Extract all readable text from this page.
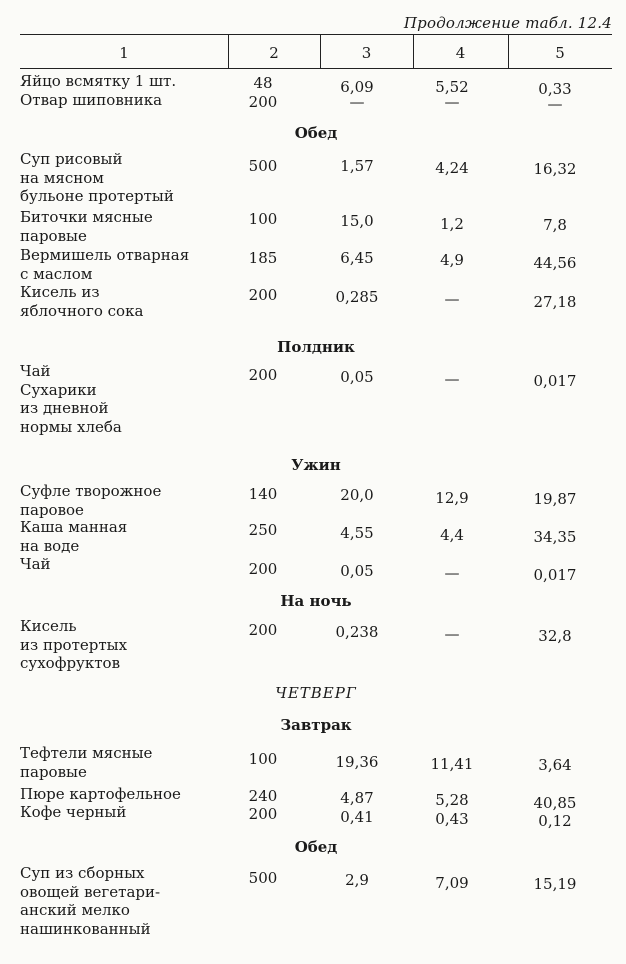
Продолжение табл. 12.4
1	2	3	4	5
Яйцо всмятку 1 шт.	48	6,09	5,52	0,33
Отвар шиповника	200	—	—	—
Обед
Суп рисовый
на мясном
бульоне протертый
500	1,57	4,24	16,32
Биточки мясные
паровые
100	15,0	1,2	7,8
Вермишель отварная
с маслом
185	6,45	4,9	44,56
Кисель из
яблочного сока
200	0,285	—	27,18
Полдник
Чай
Сухарики
из дневной
нормы хлеба
200	0,05	—	0,017
Ужин
Суфле творожное
паровое
140	20,0	12,9	19,87
Каша манная
на воде
250	4,55	4,4	34,35
Чай	200	0,05	—	0,017
На ночь
Кисель
из протертых
сухофруктов
200	0,238	—	32,8
ЧЕТВЕРГ
Завтрак
Тефтели мясные
паровые
100	19,36	11,41	3,64
Пюре картофельное	240	4,87	5,28	40,85
Кофе черный	200	0,41	0,43	0,12
Обед
Суп из сборных
овощей вегетари-
анский мелко
нашинкованный
500	2,9	7,09	15,19
